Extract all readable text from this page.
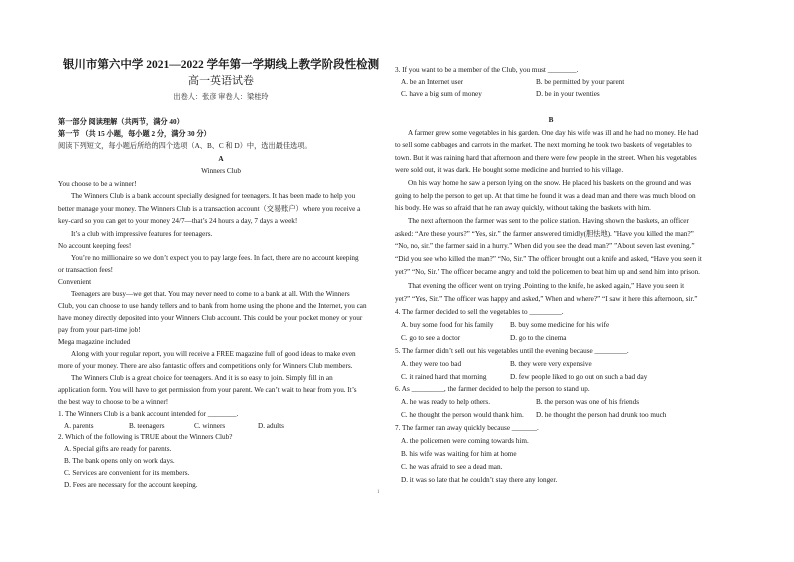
银川市第六中学 2021—2022 学年第一学期线上教学阶段性检测
高一英语试卷
出卷人：张彦 审卷人：梁桂玲
第一部分 阅读理解（共两节，满分 40）
第一节 （共 15 小题，每小题 2 分，满分 30 分）
阅读下列短文，每小题后所给的四个选项（A、B、C 和 D）中，选出最佳选项。
A
Winners Club
You choose to be a winner!
The Winners Club is a bank account specially designed for teenagers. It has been made to help you
better manage your money. The Winners Club is a transaction account（交易账户）where you receive a
key-card so you can get to your money 24/7—that’s 24 hours a day, 7 days a week!
It’s a club with impressive features for teenagers.
No account keeping fees!
You’re no millionaire so we don’t expect you to pay large fees. In fact, there are no account keeping
or transaction fees!
Convenient
Teenagers are busy—we get that. You may never need to come to a bank at all. With the Winners
Club, you can choose to use handy tellers and to bank from home using the phone and the Internet, you can
have money directly deposited into your Winners Club account. This could be your pocket money or your
pay from your part-time job!
Mega magazine included
Along with your regular report, you will receive a FREE magazine full of good ideas to make even
more of your money. There are also fantastic offers and competitions only for Winners Club members.
The Winners Club is a great choice for teenagers. And it is so easy to join. Simply fill in an
application form. You will have to get permission from your parent. We can’t wait to hear from you. It’s
the best way to choose to be a winner!
1. The Winners Club is a bank account intended for ________.
A. parents	B. teenagers	C. winners	D. adults
2. Which of the following is TRUE about the Winners Club?
A. Special gifts are ready for parents.
B. The bank opens only on work days.
C. Services are convenient for its members.
D. Fees are necessary for the account keeping.
1
3. If you want to be a member of the Club, you must ________.
A. be an Internet user	B. be permitted by your parent
C. have a big sum of money	D. be in your twenties
B
A farmer grew some vegetables in his garden. One day his wife was ill and he had no money. He had
to sell some cabbages and carrots in the market. The next morning he took two baskets of vegetables to
town. But it was raining hard that afternoon and there were few people in the street. When his vegetables
were sold out, it was dark. He bought some medicine and hurried to his village.
On his way home he saw a person lying on the snow. He placed his baskets on the ground and was
going to help the person to get up. At that time he found it was a dead man and there was much blood on
his body. He was so afraid that he ran away quickly, without taking the baskets with him.
The next afternoon the farmer was sent to the police station. Having shown the baskets, an officer
asked: “Are these yours?” “Yes, sir.” the farmer answered timidly(胆怯地). ”Have you killed the man?”
“No, no, sir.” the farmer said in a hurry.” When did you see the dead man?” ”About seven last evening.”
“Did you see who killed the man?” “No, Sir.” The officer brought out a knife and asked, “Have you seen it
yet?” “No, Sir.’ The officer became angry and told the policemen to beat him up and send him into prison.
That evening the officer went on trying .Pointing to the knife, he asked again,” Have you seen it
yet?” “Yes, Sir.” The officer was happy and asked,” When and where?” “I saw it here this afternoon, sir.”
4. The farmer decided to sell the vegetables to _________.
A. buy some food for his family B. buy some medicine for his wife
C. go to see a doctor	D. go to the cinema
5. The farmer didn’t sell out his vegetables until the evening because _________.
A. they were too bad	B. they were very expensive
C. it rained hard that morning	D. few people liked to go out on such a bad day
6. As _________, the farmer decided to help the person to stand up.
A. he was ready to help others.	B. the person was one of his friends
C. he thought the person would thank him. D. he thought the person had drunk too much
7. The farmer ran away quickly because _______.
A. the policemen were coming towards him.
B. his wife was waiting for him at home
C. he was afraid to see a dead man.
D. it was so late that he couldn’t stay there any longer.
